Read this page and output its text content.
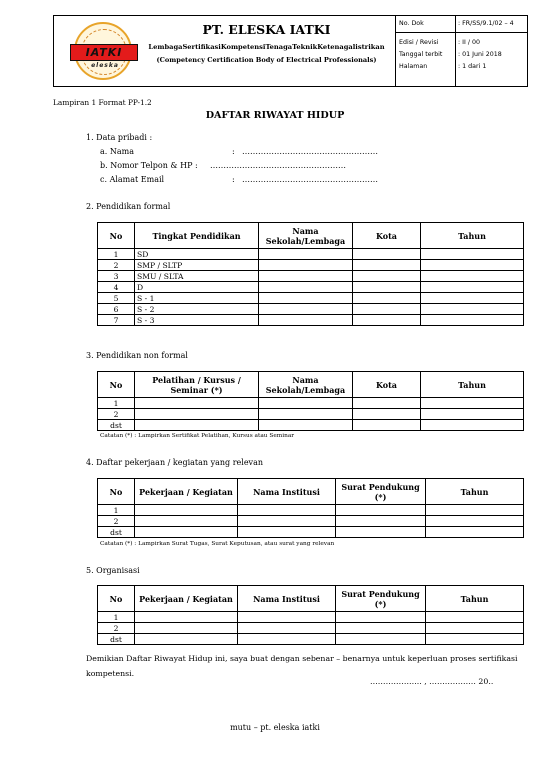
IATKI
eleska
PT. ELESKA IATKI
LembagaSertifikasiKompetensiTenagaTeknikKetenagalistrikan
(Competency Certification Body of Electrical Professionals)
No. Dok	: FR/SS/9.1/02 – 4
Edisi / Revisi	: II / 00
Tanggal terbit : 01 Juni 2018
Halaman	: 1 dari 1
Lampiran 1 Format PP-1.2
DAFTAR RIWAYAT HIDUP
1. Data pribadi :
a. Nama	: ……………………………………………
b. Nomor Telpon & HP : ……………………………………………
c. Alamat Email	: ……………………………………………
2. Pendidikan formal
No	Tingkat Pendidikan	Nama Sekolah/Lembaga	Kota	Tahun
1	SD			
2	SMP / SLTP			
3	SMU / SLTA			
4	D			
5	S - 1			
6	S - 2			
7	S - 3			
3. Pendidikan non formal
No	Pelatihan / Kursus / Seminar (*)	Nama Sekolah/Lembaga	Kota	Tahun
1				
2				
dst				
Catatan (*) : Lampirkan Sertifikat Pelatihan, Kursus atau Seminar
4. Daftar pekerjaan / kegiatan yang relevan
No	Pekerjaan / Kegiatan	Nama Institusi	Surat Pendukung (*)	Tahun
1				
2				
dst				
Catatan (*) : Lampirkan Surat Tugas, Surat Keputusan, atau surat yang relevan
5. Organisasi
No	Pekerjaan / Kegiatan	Nama Institusi	Surat Pendukung (*)	Tahun
1				
2				
dst				
Demikian Daftar Riwayat Hidup ini, saya buat dengan sebenar – benarnya untuk keperluan proses sertifikasi kompetensi.
……………….. , ……………… 20..
mutu – pt. eleska iatki
